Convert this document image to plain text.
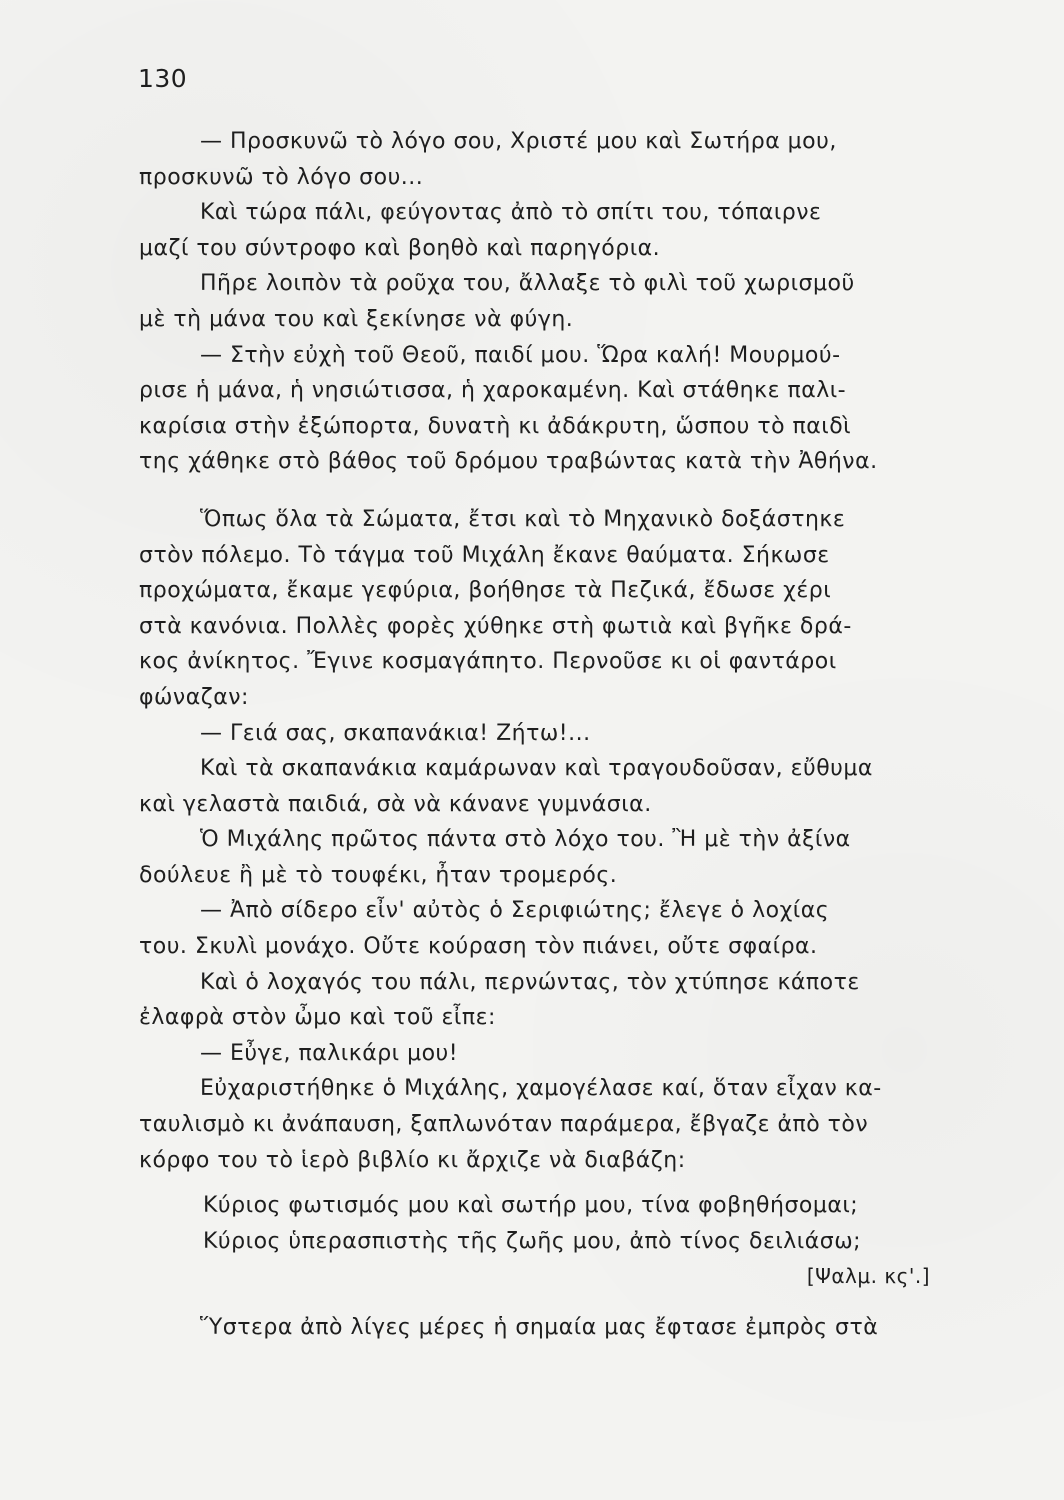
130
— Προσκυνῶ τὸ λόγο σου, Χριστέ μου καὶ Σωτήρα μου,
προσκυνῶ τὸ λόγο σου...
Καὶ τώρα πάλι, φεύγοντας ἀπὸ τὸ σπίτι του, τόπαιρνε
μαζί του σύντροφο καὶ βοηθὸ καὶ παρηγόρια.
Πῆρε λοιπὸν τὰ ροῦχα του, ἄλλαξε τὸ φιλὶ τοῦ χωρισμοῦ
μὲ τὴ μάνα του καὶ ξεκίνησε νὰ φύγη.
— Στὴν εὐχὴ τοῦ Θεοῦ, παιδί μου. Ὥρα καλή! Μουρμού-
ρισε ἡ μάνα, ἡ νησιώτισσα, ἡ χαροκαμένη. Καὶ στάθηκε παλι-
καρίσια στὴν ἐξώπορτα, δυνατὴ κι ἀδάκρυτη, ὥσπου τὸ παιδὶ
της χάθηκε στὸ βάθος τοῦ δρόμου τραβώντας κατὰ τὴν Ἀθήνα.
Ὅπως ὅλα τὰ Σώματα, ἔτσι καὶ τὸ Μηχανικὸ δοξάστηκε
στὸν πόλεμο. Τὸ τάγμα τοῦ Μιχάλη ἔκανε θαύματα. Σήκωσε
προχώματα, ἔκαμε γεφύρια, βοήθησε τὰ Πεζικά, ἔδωσε χέρι
στὰ κανόνια. Πολλὲς φορὲς χύθηκε στὴ φωτιὰ καὶ βγῆκε δρά-
κος ἀνίκητος. Ἔγινε κοσμαγάπητο. Περνοῦσε κι οἱ φαντάροι
φώναζαν:
— Γειά σας, σκαπανάκια! Ζήτω!...
Καὶ τὰ σκαπανάκια καμάρωναν καὶ τραγουδοῦσαν, εὔθυμα
καὶ γελαστὰ παιδιά, σὰ νὰ κάνανε γυμνάσια.
Ὁ Μιχάλης πρῶτος πάντα στὸ λόχο του. Ἢ μὲ τὴν ἀξίνα
δούλευε ἢ μὲ τὸ τουφέκι, ἦταν τρομερός.
— Ἀπὸ σίδερο εἶν' αὐτὸς ὁ Σεριφιώτης; ἔλεγε ὁ λοχίας
του. Σκυλὶ μονάχο. Οὔτε κούραση τὸν πιάνει, οὔτε σφαίρα.
Καὶ ὁ λοχαγός του πάλι, περνώντας, τὸν χτύπησε κάποτε
ἐλαφρὰ στὸν ὦμο καὶ τοῦ εἶπε:
— Εὖγε, παλικάρι μου!
Εὐχαριστήθηκε ὁ Μιχάλης, χαμογέλασε καί, ὅταν εἶχαν κα-
ταυλισμὸ κι ἀνάπαυση, ξαπλωνόταν παράμερα, ἔβγαζε ἀπὸ τὸν
κόρφο του τὸ ἱερὸ βιβλίο κι ἄρχιζε νὰ διαβάζη:
Κύριος φωτισμός μου καὶ σωτήρ μου, τίνα φοβηθήσομαι;
Κύριος ὑπερασπιστὴς τῆς ζωῆς μου, ἀπὸ τίνος δειλιάσω;
[Ψαλμ. κς'.]
Ὕστερα ἀπὸ λίγες μέρες ἡ σημαία μας ἔφτασε ἐμπρὸς στὰ
